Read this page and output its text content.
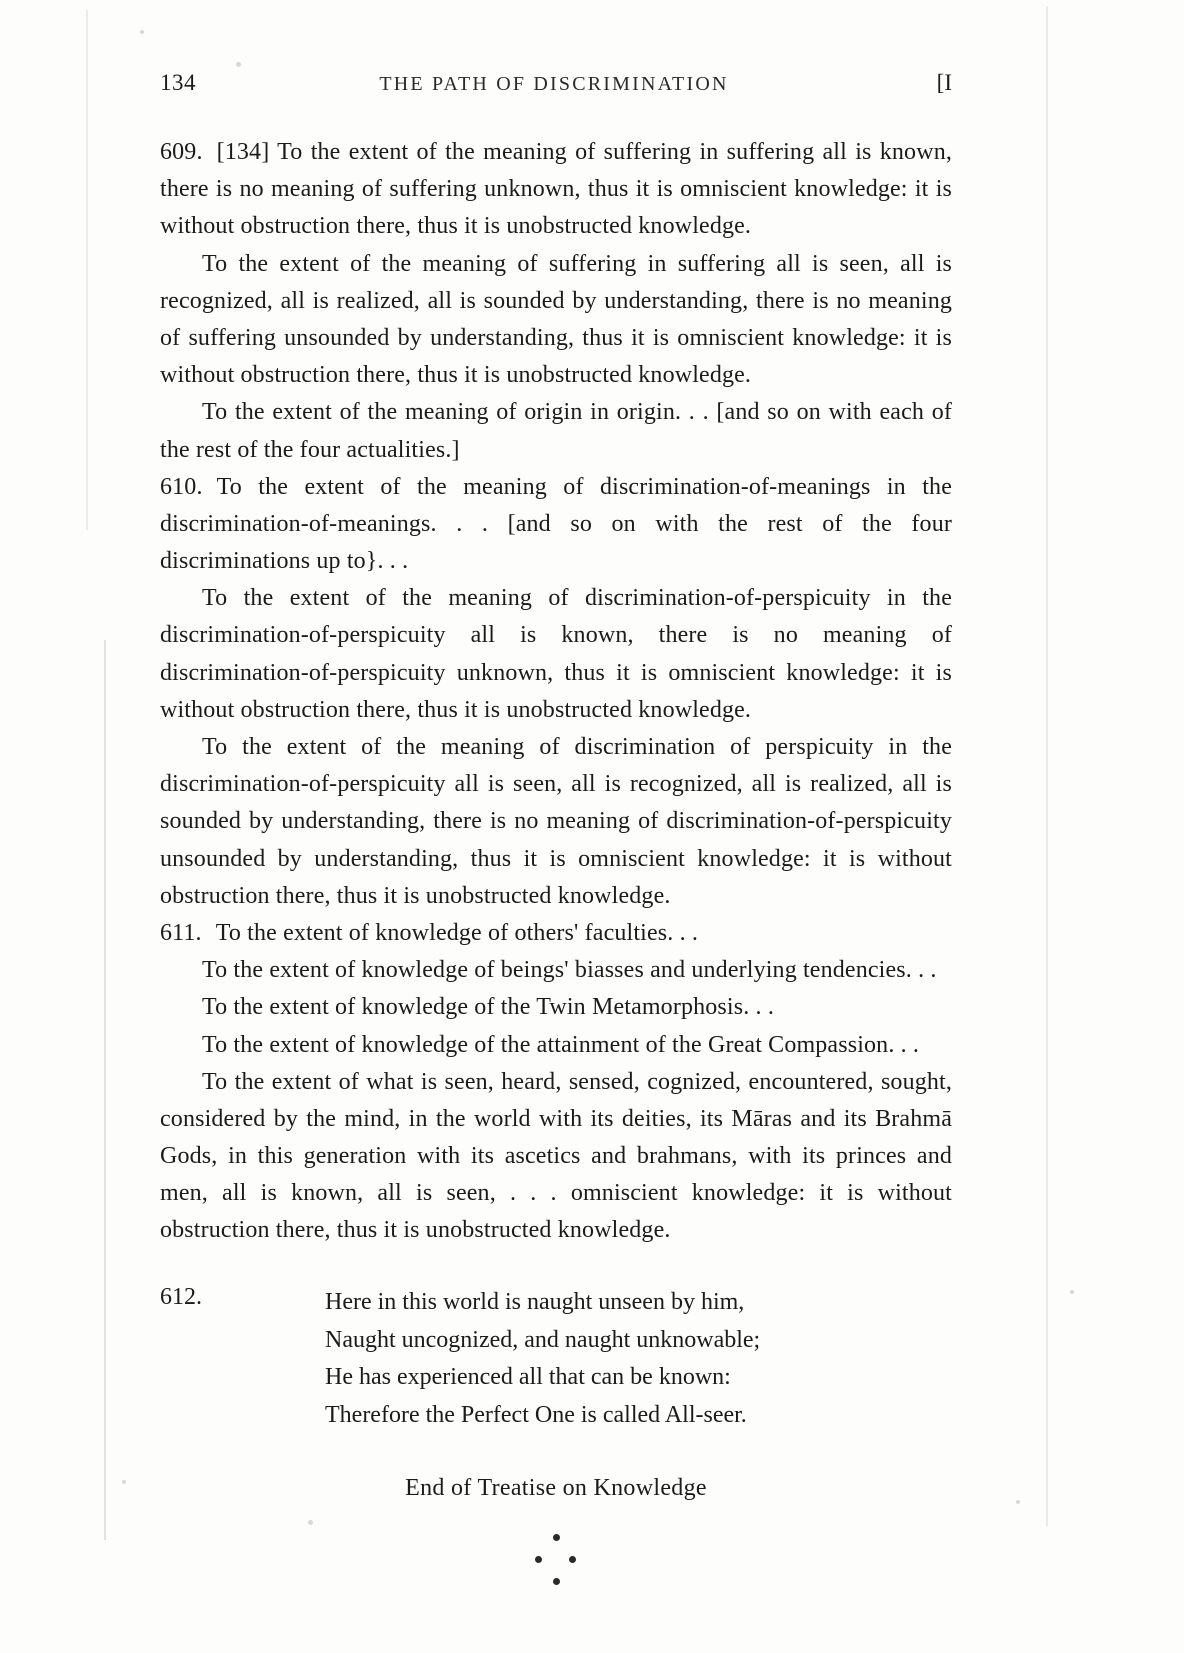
134	THE PATH OF DISCRIMINATION	[I

609. [134] To the extent of the meaning of suffering in suffering all is known, there is no meaning of suffering unknown, thus it is omniscient knowledge: it is without obstruction there, thus it is unobstructed knowledge.

To the extent of the meaning of suffering in suffering all is seen, all is recognized, all is realized, all is sounded by understanding, there is no meaning of suffering unsounded by understanding, thus it is omniscient knowledge: it is without obstruction there, thus it is unobstructed knowledge.

To the extent of the meaning of origin in origin. . . [and so on with each of the rest of the four actualities.]

610. To the extent of the meaning of discrimination-of-meanings in the discrimination-of-meanings. . . [and so on with the rest of the four discriminations up to}. . .

To the extent of the meaning of discrimination-of-perspicuity in the discrimination-of-perspicuity all is known, there is no meaning of discrimination-of-perspicuity unknown, thus it is omniscient knowledge: it is without obstruction there, thus it is unobstructed knowledge.

To the extent of the meaning of discrimination of perspicuity in the discrimination-of-perspicuity all is seen, all is recognized, all is realized, all is sounded by understanding, there is no meaning of discrimination-of-perspicuity unsounded by understanding, thus it is omniscient knowledge: it is without obstruction there, thus it is unobstructed knowledge.

611. To the extent of knowledge of others' faculties. . .

To the extent of knowledge of beings' biasses and underlying tendencies. . .

To the extent of knowledge of the Twin Metamorphosis. . .

To the extent of knowledge of the attainment of the Great Compassion. . .

To the extent of what is seen, heard, sensed, cognized, encountered, sought, considered by the mind, in the world with its deities, its Māras and its Brahmā Gods, in this generation with its ascetics and brahmans, with its princes and men, all is known, all is seen, . . . omniscient knowledge: it is without obstruction there, thus it is unobstructed knowledge.

612.	Here in this world is naught unseen by him,
Naught uncognized, and naught unknowable;
He has experienced all that can be known:
Therefore the Perfect One is called All-seer.
End of Treatise on Knowledge
